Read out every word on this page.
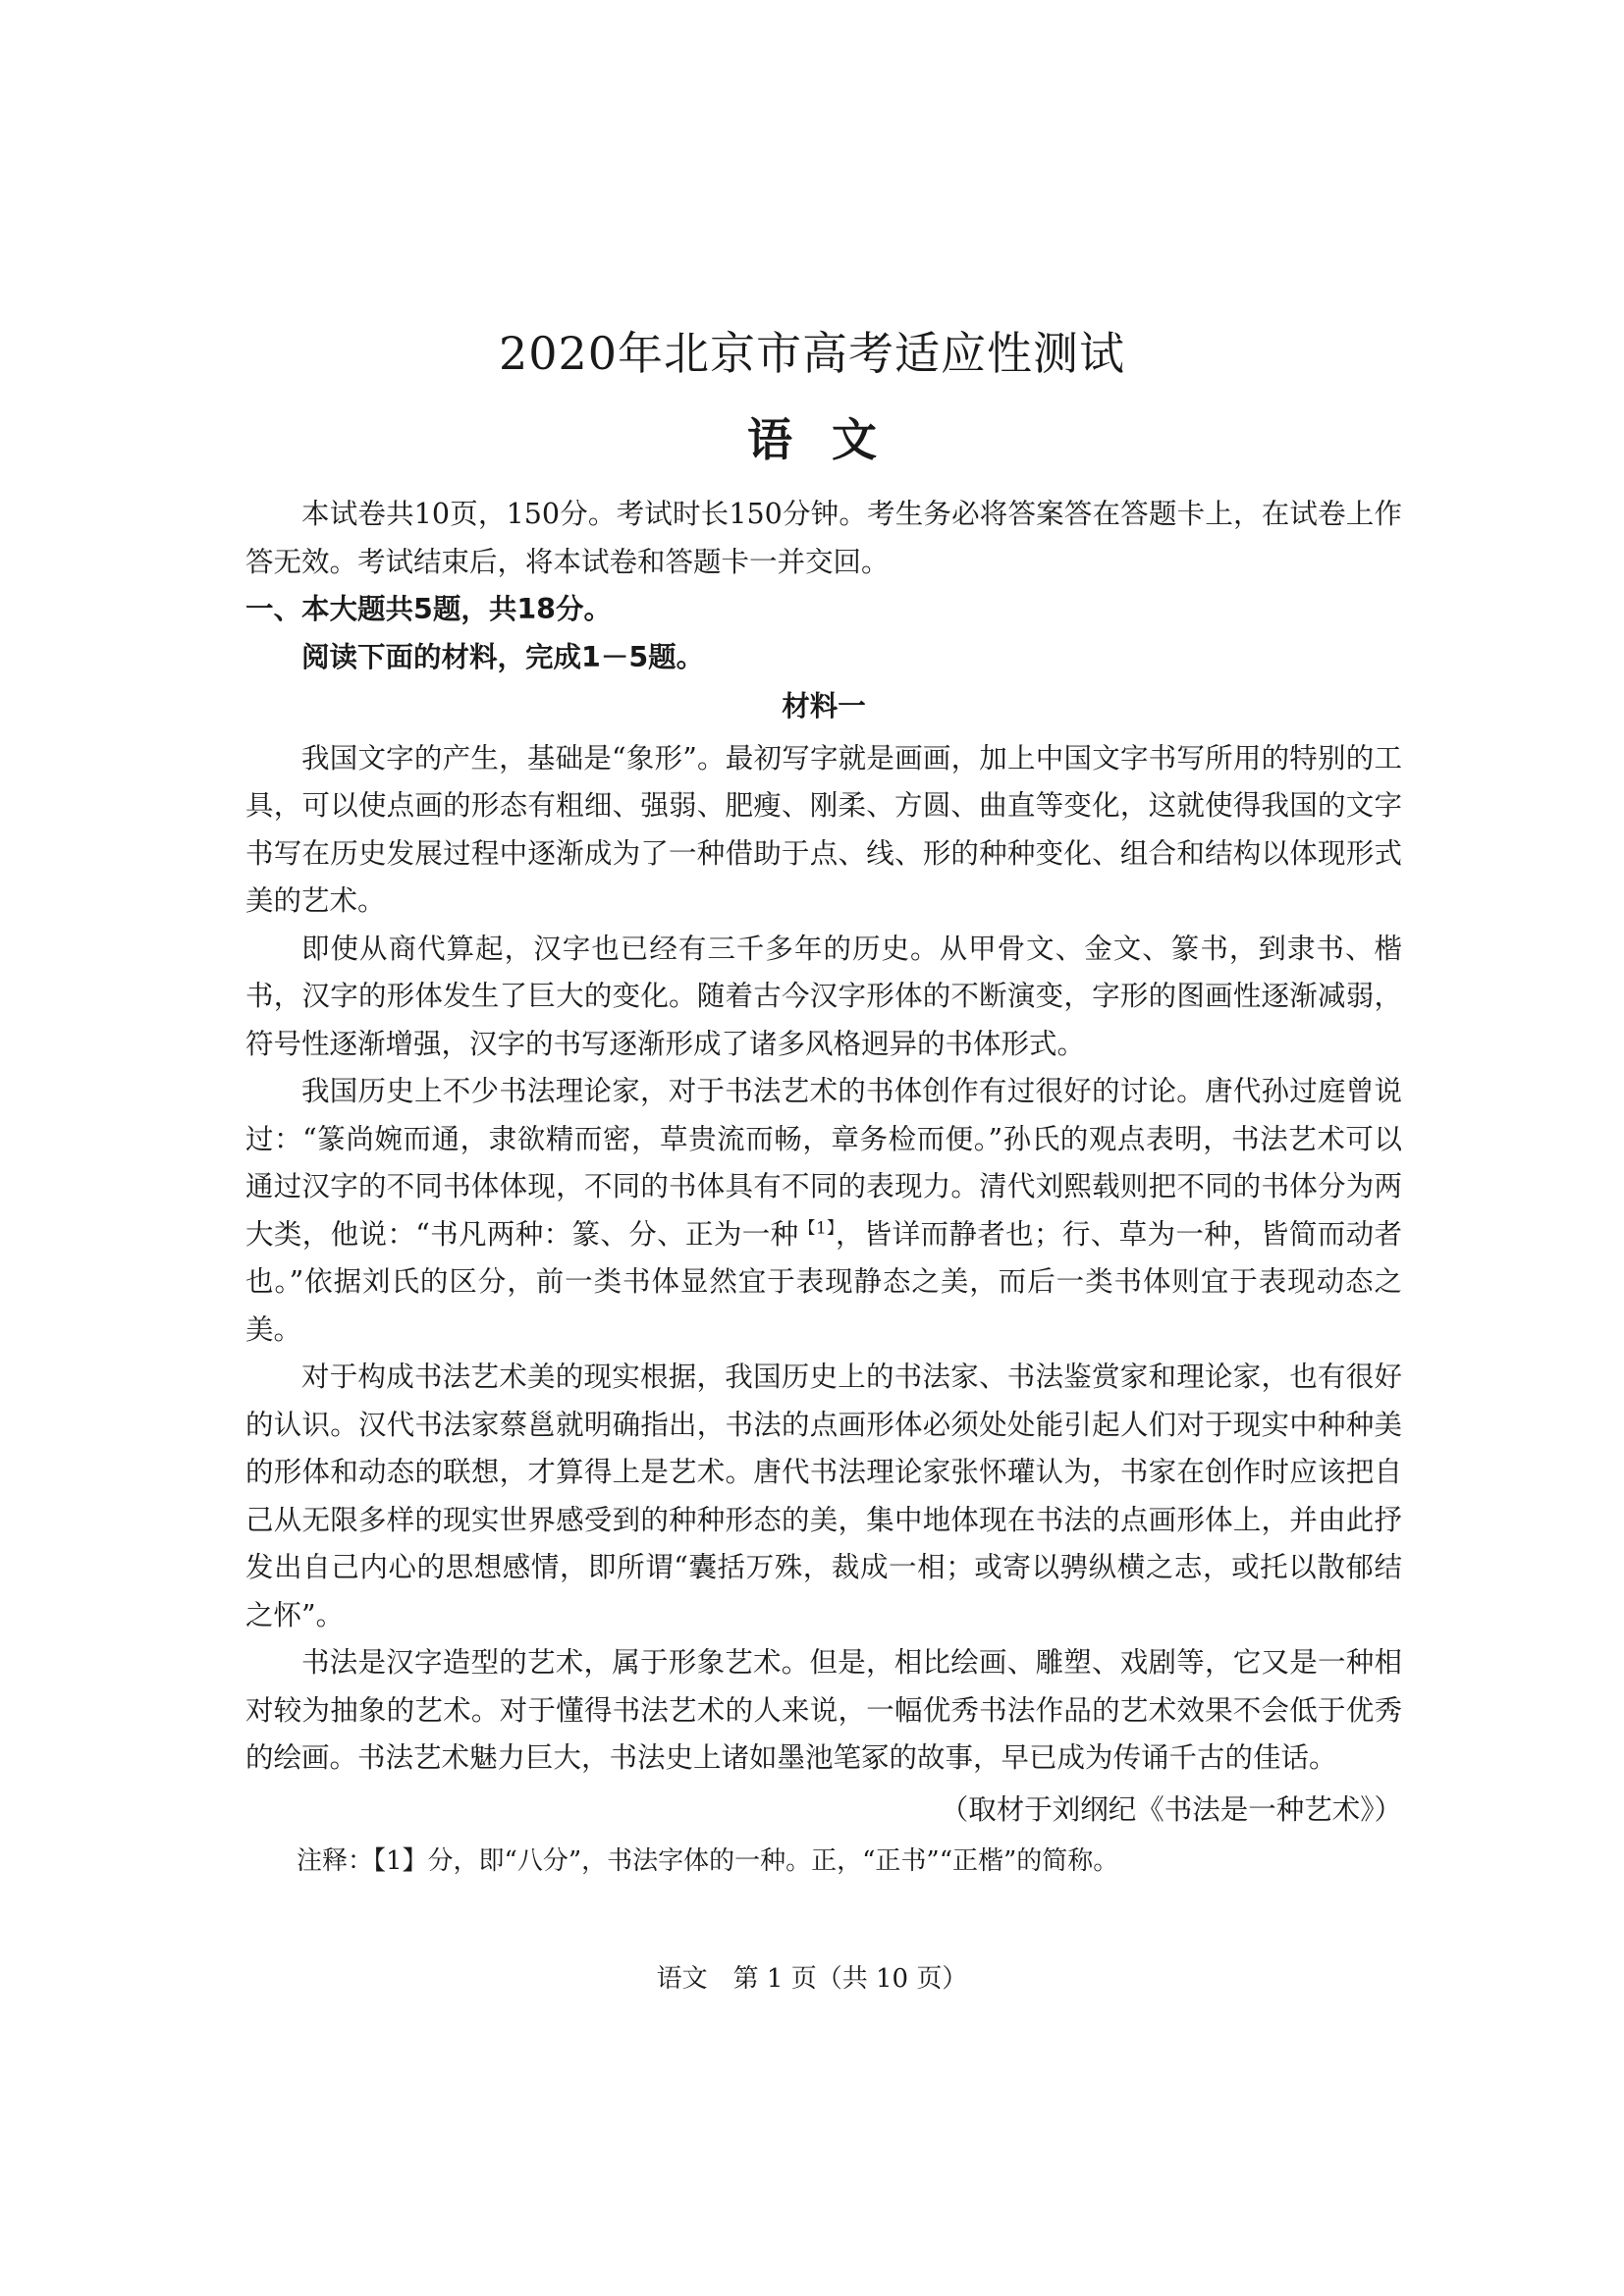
2020年北京市高考适应性测试
语文

本试卷共10页，150分。考试时长150分钟。考生务必将答案答在答题卡上，在试卷上作答无效。考试结束后，将本试卷和答题卡一并交回。

一、本大题共5题，共18分。

阅读下面的材料，完成1－5题。

材料一

我国文字的产生，基础是“象形”。最初写字就是画画，加上中国文字书写所用的特别的工具，可以使点画的形态有粗细、强弱、肥瘦、刚柔、方圆、曲直等变化，这就使得我国的文字书写在历史发展过程中逐渐成为了一种借助于点、线、形的种种变化、组合和结构以体现形式美的艺术。

即使从商代算起，汉字也已经有三千多年的历史。从甲骨文、金文、篆书，到隶书、楷书，汉字的形体发生了巨大的变化。随着古今汉字形体的不断演变，字形的图画性逐渐减弱，符号性逐渐增强，汉字的书写逐渐形成了诸多风格迥异的书体形式。

我国历史上不少书法理论家，对于书法艺术的书体创作有过很好的讨论。唐代孙过庭曾说过：“篆尚婉而通，隶欲精而密，草贵流而畅，章务检而便。”孙氏的观点表明，书法艺术可以通过汉字的不同书体体现，不同的书体具有不同的表现力。清代刘熙载则把不同的书体分为两大类，他说：“书凡两种：篆、分、正为一种$^{【1】}$，皆详而静者也；行、草为一种，皆简而动者也。”依据刘氏的区分，前一类书体显然宜于表现静态之美，而后一类书体则宜于表现动态之美。

对于构成书法艺术美的现实根据，我国历史上的书法家、书法鉴赏家和理论家，也有很好的认识。汉代书法家蔡邕就明确指出，书法的点画形体必须处处能引起人们对于现实中种种美的形体和动态的联想，才算得上是艺术。唐代书法理论家张怀瓘认为，书家在创作时应该把自己从无限多样的现实世界感受到的种种形态的美，集中地体现在书法的点画形体上，并由此抒发出自己内心的思想感情，即所谓“囊括万殊，裁成一相；或寄以骋纵横之志，或托以散郁结之怀”。

书法是汉字造型的艺术，属于形象艺术。但是，相比绘画、雕塑、戏剧等，它又是一种相对较为抽象的艺术。对于懂得书法艺术的人来说，一幅优秀书法作品的艺术效果不会低于优秀的绘画。书法艺术魅力巨大，书法史上诸如墨池笔冢的故事，早已成为传诵千古的佳话。

（取材于刘纲纪《书法是一种艺术》）

注释：【1】分，即“八分”，书法字体的一种。正，“正书”“正楷”的简称。

语文　第 1 页（共 10 页）
